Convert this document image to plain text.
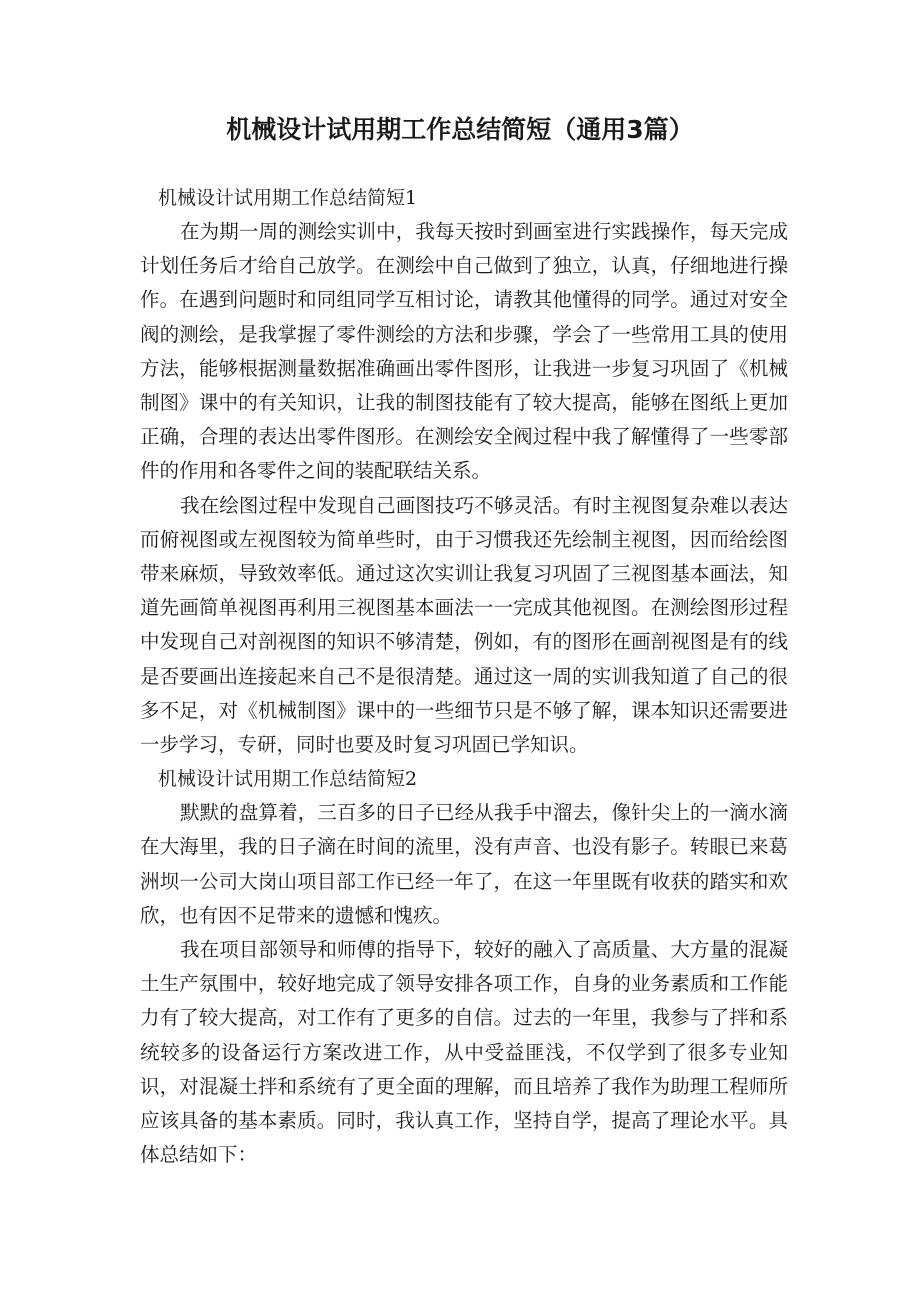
机械设计试用期工作总结简短（通用3篇）

机械设计试用期工作总结简短1

在为期一周的测绘实训中，我每天按时到画室进行实践操作，每天完成计划任务后才给自己放学。在测绘中自己做到了独立，认真，仔细地进行操作。在遇到问题时和同组同学互相讨论，请教其他懂得的同学。通过对安全阀的测绘，是我掌握了零件测绘的方法和步骤，学会了一些常用工具的使用方法，能够根据测量数据准确画出零件图形，让我进一步复习巩固了《机械制图》课中的有关知识，让我的制图技能有了较大提高，能够在图纸上更加正确，合理的表达出零件图形。在测绘安全阀过程中我了解懂得了一些零部件的作用和各零件之间的装配联结关系。

我在绘图过程中发现自己画图技巧不够灵活。有时主视图复杂难以表达而俯视图或左视图较为简单些时，由于习惯我还先绘制主视图，因而给绘图带来麻烦，导致效率低。通过这次实训让我复习巩固了三视图基本画法，知道先画简单视图再利用三视图基本画法一一完成其他视图。在测绘图形过程中发现自己对剖视图的知识不够清楚，例如，有的图形在画剖视图是有的线是否要画出连接起来自己不是很清楚。通过这一周的实训我知道了自己的很多不足，对《机械制图》课中的一些细节只是不够了解，课本知识还需要进一步学习，专研，同时也要及时复习巩固已学知识。

机械设计试用期工作总结简短2

默默的盘算着，三百多的日子已经从我手中溜去，像针尖上的一滴水滴在大海里，我的日子滴在时间的流里，没有声音、也没有影子。转眼已来葛洲坝一公司大岗山项目部工作已经一年了，在这一年里既有收获的踏实和欢欣，也有因不足带来的遗憾和愧疚。

我在项目部领导和师傅的指导下，较好的融入了高质量、大方量的混凝土生产氛围中，较好地完成了领导安排各项工作，自身的业务素质和工作能力有了较大提高，对工作有了更多的自信。过去的一年里，我参与了拌和系统较多的设备运行方案改进工作，从中受益匪浅，不仅学到了很多专业知识，对混凝土拌和系统有了更全面的理解，而且培养了我作为助理工程师所应该具备的基本素质。同时，我认真工作，坚持自学，提高了理论水平。具体总结如下：
